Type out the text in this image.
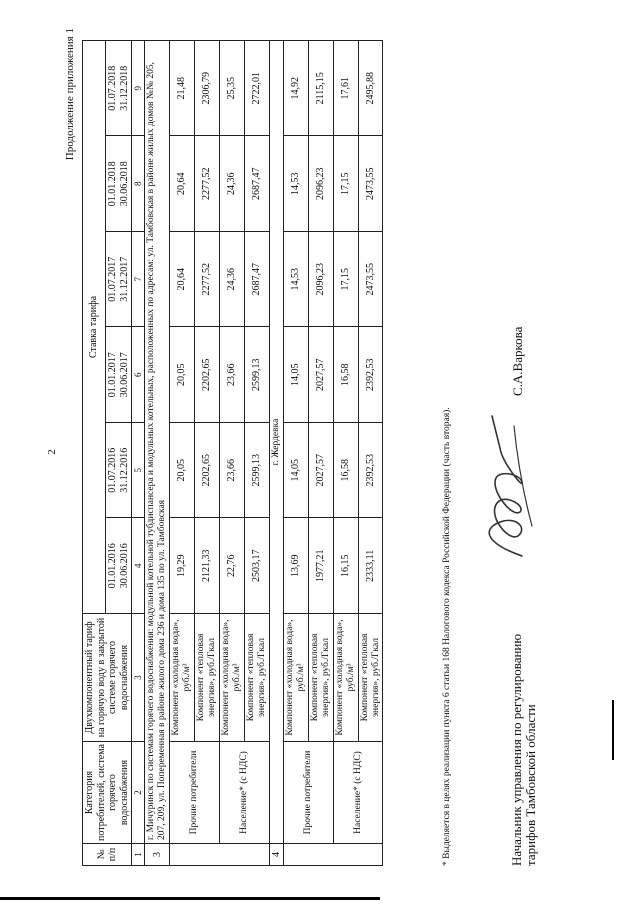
2
Продолжение приложения 1
№ п/п	Категория потребителей, система горячего водоснабжения	Двухкомпонентный тариф на горячую воду в закрытой системе горячего водоснабжения	Ставка тарифа					
			01.01.2016 30.06.2016	01.07.2016 31.12.2016	01.01.2017 30.06.2017	01.07.2017 31.12.2017	01.01.2018 30.06.2018	01.07.2018 31.12.2018
1	2	3	4	5	6	7	8	9
3	г. Мичуринск по системам горячего водоснабжения: модульной котельной тубдиспансера и модульных котельных, расположенных по адресам: ул. Тамбовская в районе жилых домов №№ 205, 207, 209, ул. Попеременная в районе жилого дома 236 и дома 135 по ул. Тамбовская							
	Прочие потребители	Компонент «холодная вода», руб./м³	19,29	20,05	20,05	20,64	20,64	21,48
		Компонент «тепловая энергия», руб./Гкал	2121,33	2202,65	2202,65	2277,52	2277,52	2306,79
	Население* (с НДС)	Компонент «холодная вода», руб./м³	22,76	23,66	23,66	24,36	24,36	25,35
		Компонент «тепловая энергия», руб./Гкал	2503,17	2599,13	2599,13	2687,47	2687,47	2722,01
4	г. Жердевка							
	Прочие потребители	Компонент «холодная вода», руб./м³	13,69	14,05	14,05	14,53	14,53	14,92
		Компонент «тепловая энергия», руб./Гкал	1977,21	2027,57	2027,57	2096,23	2096,23	2115,15
	Население* (с НДС)	Компонент «холодная вода», руб./м³	16,15	16,58	16,58	17,15	17,15	17,61
		Компонент «тепловая энергия», руб./Гкал	2333,11	2392,53	2392,53	2473,55	2473,55	2495,88
* Выделяется в целях реализации пункта 6 статьи 168 Налогового кодекса Российской Федерации (часть вторая).	Начальник управления по регулированию тарифов Тамбовской области
С.А.Варкова
